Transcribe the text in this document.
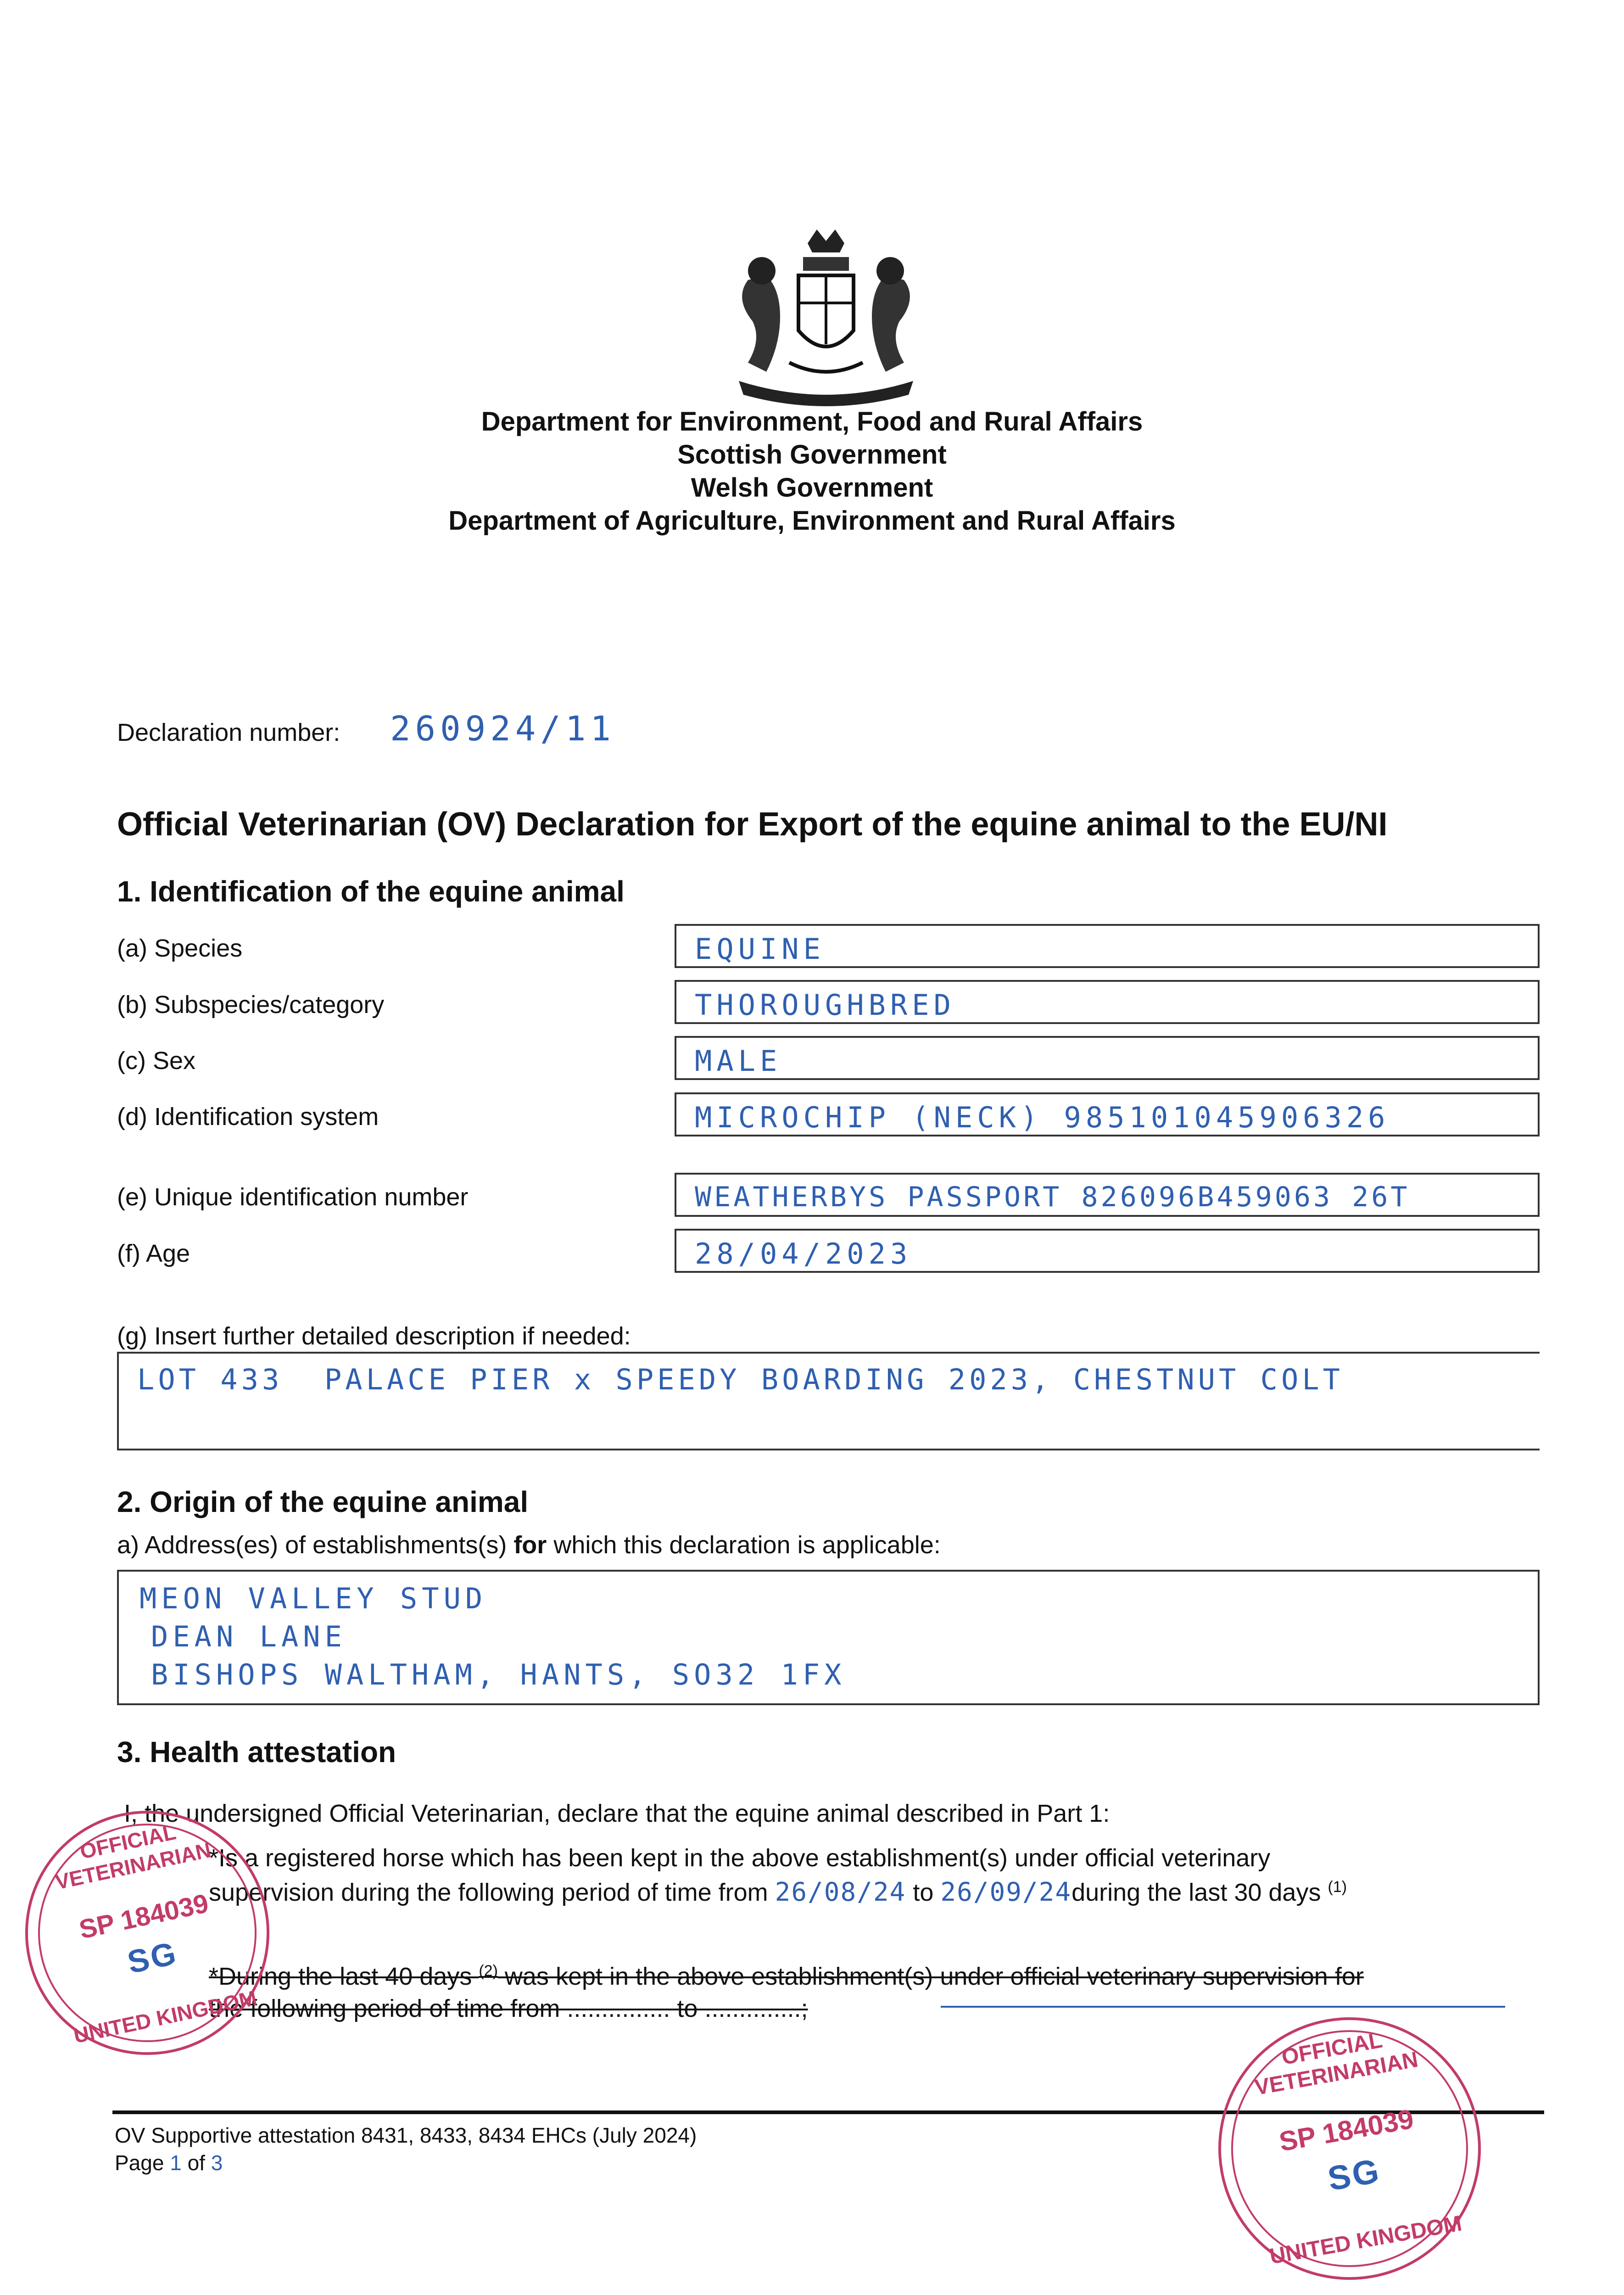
Department for Environment, Food and Rural Affairs
Scottish Government
Welsh Government
Department of Agriculture, Environment and Rural Affairs
Declaration number: 260924/11
Official Veterinarian (OV) Declaration for Export of the equine animal to the EU/NI
1. Identification of the equine animal
(a) Species	EQUINE
(b) Subspecies/category	THOROUGHBRED
(c) Sex	MALE
(d) Identification system	MICROCHIP (NECK) 985101045906326
(e) Unique identification number	WEATHERBYS PASSPORT 826096B459063 26T
(f) Age	28/04/2023
(g) Insert further detailed description if needed:
LOT 433  PALACE PIER x SPEEDY BOARDING 2023, CHESTNUT COLT
2. Origin of the equine animal
a) Address(es) of establishments(s) for which this declaration is applicable:
MEON VALLEY STUD
DEAN LANE
BISHOPS WALTHAM, HANTS, SO32 1FX
3. Health attestation
I, the undersigned Official Veterinarian, declare that the equine animal described in Part 1:
*Is a registered horse which has been kept in the above establishment(s) under official veterinary
supervision during the following period of time from 26/08/24 to 26/09/24during the last 30 days $^{(1)}$
*During the last 40 days $^{(2)}$ was kept in the above establishment(s) under official veterinary supervision for
the following period of time from ............... to ..............;
OFFICIAL VETERINARIAN
SP 184039
SG
UNITED KINGDOM
OV Supportive attestation 8431, 8433, 8434 EHCs (July 2024)
Page 1 of 3
OFFICIAL VETERINARIAN
SP 184039
SG
UNITED KINGDOM
